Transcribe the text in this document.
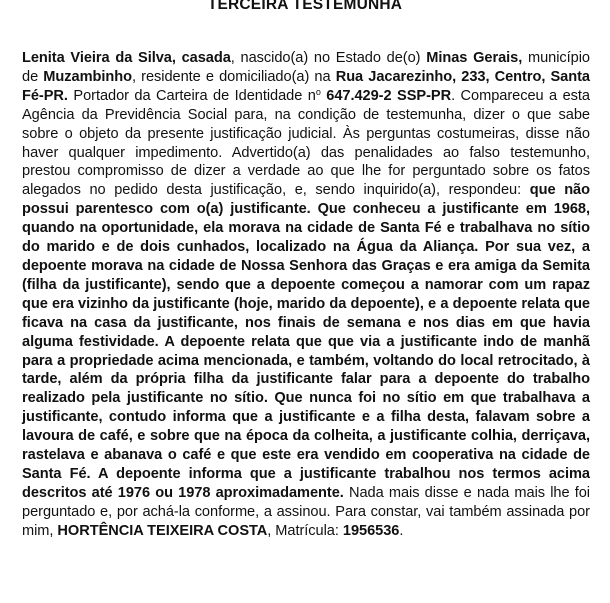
TERCEIRA TESTEMUNHA

Lenita Vieira da Silva, casada, nascido(a) no Estado de(o) Minas Gerais, município de Muzambinho, residente e domiciliado(a) na Rua Jacarezinho, 233, Centro, Santa Fé-PR. Portador da Carteira de Identidade $n^o$ 647.429-2 SSP-PR. Compareceu a esta Agência da Previdência Social para, na condição de testemunha, dizer o que sabe sobre o objeto da presente justificação judicial. Às perguntas costumeiras, disse não haver qualquer impedimento. Advertido(a) das penalidades ao falso testemunho, prestou compromisso de dizer a verdade ao que lhe for perguntado sobre os fatos alegados no pedido desta justificação, e, sendo inquirido(a), respondeu: que não possui parentesco com o(a) justificante. Que conheceu a justificante em 1968, quando na oportunidade, ela morava na cidade de Santa Fé e trabalhava no sítio do marido e de dois cunhados, localizado na Água da Aliança. Por sua vez, a depoente morava na cidade de Nossa Senhora das Graças e era amiga da Semita (filha da justificante), sendo que a depoente começou a namorar com um rapaz que era vizinho da justificante (hoje, marido da depoente), e a depoente relata que ficava na casa da justificante, nos finais de semana e nos dias em que havia alguma festividade. A depoente relata que que via a justificante indo de manhã para a propriedade acima mencionada, e também, voltando do local retrocitado, à tarde, além da própria filha da justificante falar para a depoente do trabalho realizado pela justificante no sítio. Que nunca foi no sítio em que trabalhava a justificante, contudo informa que a justificante e a filha desta, falavam sobre a lavoura de café, e sobre que na época da colheita, a justificante colhia, derriçava, rastelava e abanava o café e que este era vendido em cooperativa na cidade de Santa Fé. A depoente informa que a justificante trabalhou nos termos acima descritos até 1976 ou 1978 aproximadamente. Nada mais disse e nada mais lhe foi perguntado e, por achá-la conforme, a assinou. Para constar, vai também assinada por mim, HORTÊNCIA TEIXEIRA COSTA, Matrícula: 1956536.
